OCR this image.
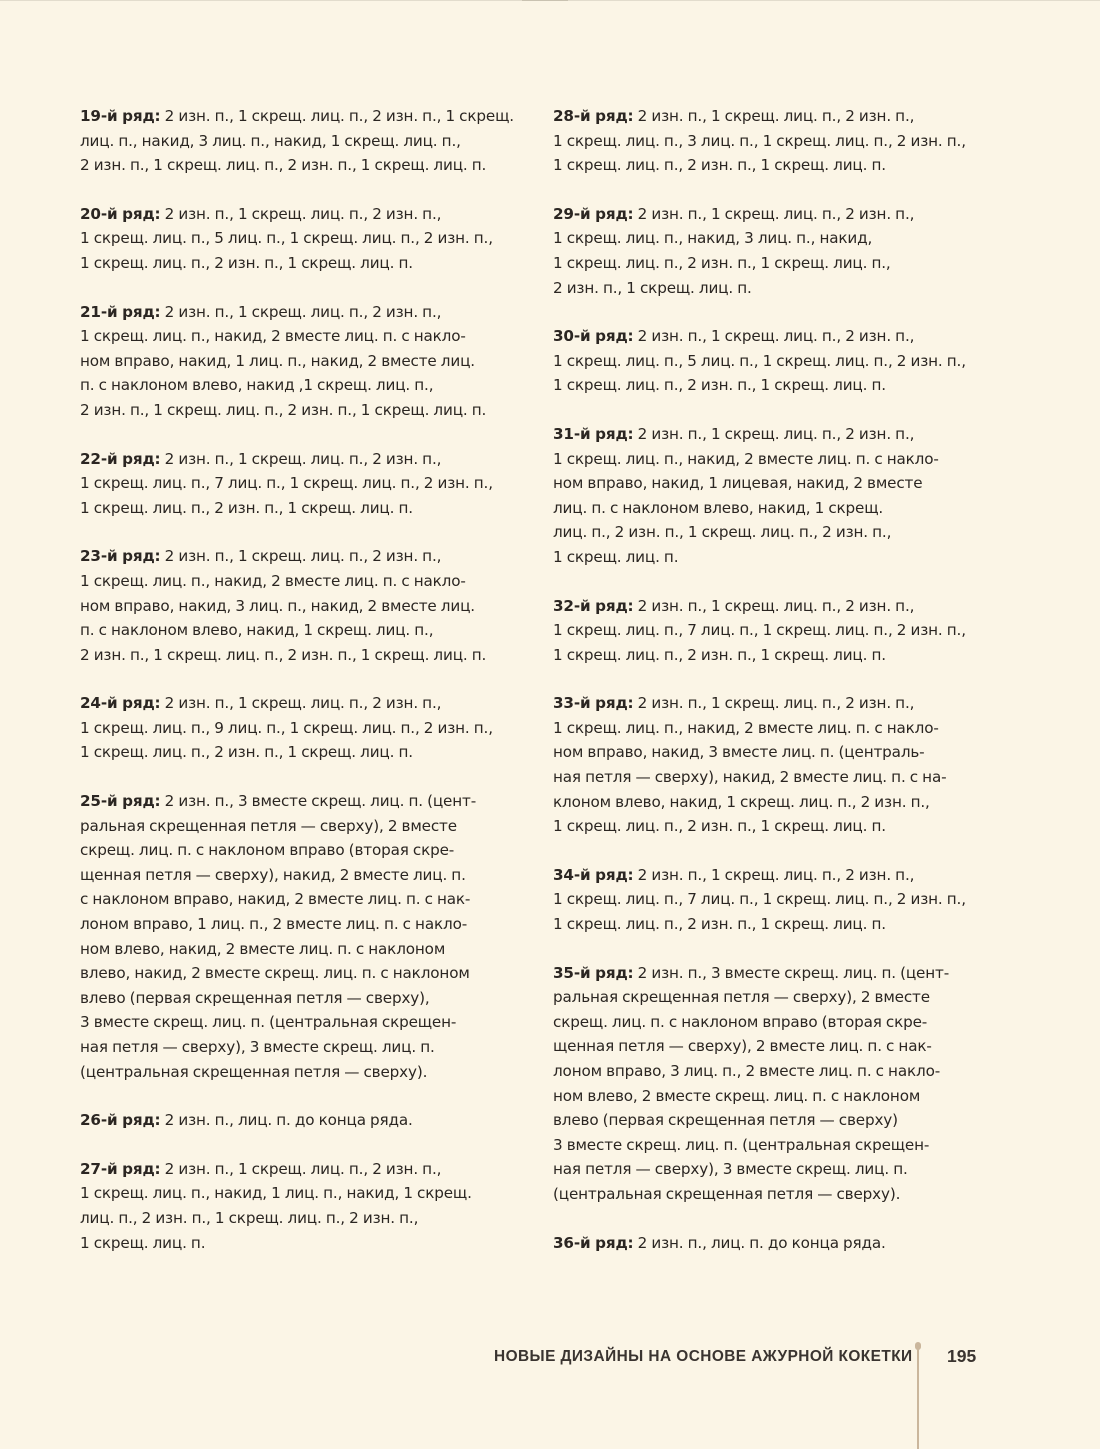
19-й ряд: 2 изн. п., 1 скрещ. лиц. п., 2 изн. п., 1 скрещ.
лиц. п., накид, 3 лиц. п., накид, 1 скрещ. лиц. п.,
2 изн. п., 1 скрещ. лиц. п., 2 изн. п., 1 скрещ. лиц. п.

20-й ряд: 2 изн. п., 1 скрещ. лиц. п., 2 изн. п.,
1 скрещ. лиц. п., 5 лиц. п., 1 скрещ. лиц. п., 2 изн. п.,
1 скрещ. лиц. п., 2 изн. п., 1 скрещ. лиц. п.

21-й ряд: 2 изн. п., 1 скрещ. лиц. п., 2 изн. п.,
1 скрещ. лиц. п., накид, 2 вместе лиц. п. с накло-
ном вправо, накид, 1 лиц. п., накид, 2 вместе лиц.
п. с наклоном влево, накид ,1 скрещ. лиц. п.,
2 изн. п., 1 скрещ. лиц. п., 2 изн. п., 1 скрещ. лиц. п.

22-й ряд: 2 изн. п., 1 скрещ. лиц. п., 2 изн. п.,
1 скрещ. лиц. п., 7 лиц. п., 1 скрещ. лиц. п., 2 изн. п.,
1 скрещ. лиц. п., 2 изн. п., 1 скрещ. лиц. п.

23-й ряд: 2 изн. п., 1 скрещ. лиц. п., 2 изн. п.,
1 скрещ. лиц. п., накид, 2 вместе лиц. п. с накло-
ном вправо, накид, 3 лиц. п., накид, 2 вместе лиц.
п. с наклоном влево, накид, 1 скрещ. лиц. п.,
2 изн. п., 1 скрещ. лиц. п., 2 изн. п., 1 скрещ. лиц. п.

24-й ряд: 2 изн. п., 1 скрещ. лиц. п., 2 изн. п.,
1 скрещ. лиц. п., 9 лиц. п., 1 скрещ. лиц. п., 2 изн. п.,
1 скрещ. лиц. п., 2 изн. п., 1 скрещ. лиц. п.

25-й ряд: 2 изн. п., 3 вместе скрещ. лиц. п. (цент-
ральная скрещенная петля — сверху), 2 вместе
скрещ. лиц. п. с наклоном вправо (вторая скре-
щенная петля — сверху), накид, 2 вместе лиц. п.
с наклоном вправо, накид, 2 вместе лиц. п. с нак-
лоном вправо, 1 лиц. п., 2 вместе лиц. п. с накло-
ном влево, накид, 2 вместе лиц. п. с наклоном
влево, накид, 2 вместе скрещ. лиц. п. с наклоном
влево (первая скрещенная петля — сверху),
3 вместе скрещ. лиц. п. (центральная скрещен-
ная петля — сверху), 3 вместе скрещ. лиц. п.
(центральная скрещенная петля — сверху).

26-й ряд: 2 изн. п., лиц. п. до конца ряда.

27-й ряд: 2 изн. п., 1 скрещ. лиц. п., 2 изн. п.,
1 скрещ. лиц. п., накид, 1 лиц. п., накид, 1 скрещ.
лиц. п., 2 изн. п., 1 скрещ. лиц. п., 2 изн. п.,
1 скрещ. лиц. п.

28-й ряд: 2 изн. п., 1 скрещ. лиц. п., 2 изн. п.,
1 скрещ. лиц. п., 3 лиц. п., 1 скрещ. лиц. п., 2 изн. п.,
1 скрещ. лиц. п., 2 изн. п., 1 скрещ. лиц. п.

29-й ряд: 2 изн. п., 1 скрещ. лиц. п., 2 изн. п.,
1 скрещ. лиц. п., накид, 3 лиц. п., накид,
1 скрещ. лиц. п., 2 изн. п., 1 скрещ. лиц. п.,
2 изн. п., 1 скрещ. лиц. п.

30-й ряд: 2 изн. п., 1 скрещ. лиц. п., 2 изн. п.,
1 скрещ. лиц. п., 5 лиц. п., 1 скрещ. лиц. п., 2 изн. п.,
1 скрещ. лиц. п., 2 изн. п., 1 скрещ. лиц. п.

31-й ряд: 2 изн. п., 1 скрещ. лиц. п., 2 изн. п.,
1 скрещ. лиц. п., накид, 2 вместе лиц. п. с накло-
ном вправо, накид, 1 лицевая, накид, 2 вместе
лиц. п. с наклоном влево, накид, 1 скрещ.
лиц. п., 2 изн. п., 1 скрещ. лиц. п., 2 изн. п.,
1 скрещ. лиц. п.

32-й ряд: 2 изн. п., 1 скрещ. лиц. п., 2 изн. п.,
1 скрещ. лиц. п., 7 лиц. п., 1 скрещ. лиц. п., 2 изн. п.,
1 скрещ. лиц. п., 2 изн. п., 1 скрещ. лиц. п.

33-й ряд: 2 изн. п., 1 скрещ. лиц. п., 2 изн. п.,
1 скрещ. лиц. п., накид, 2 вместе лиц. п. с накло-
ном вправо, накид, 3 вместе лиц. п. (централь-
ная петля — сверху), накид, 2 вместе лиц. п. с на-
клоном влево, накид, 1 скрещ. лиц. п., 2 изн. п.,
1 скрещ. лиц. п., 2 изн. п., 1 скрещ. лиц. п.

34-й ряд: 2 изн. п., 1 скрещ. лиц. п., 2 изн. п.,
1 скрещ. лиц. п., 7 лиц. п., 1 скрещ. лиц. п., 2 изн. п.,
1 скрещ. лиц. п., 2 изн. п., 1 скрещ. лиц. п.

35-й ряд: 2 изн. п., 3 вместе скрещ. лиц. п. (цент-
ральная скрещенная петля — сверху), 2 вместе
скрещ. лиц. п. с наклоном вправо (вторая скре-
щенная петля — сверху), 2 вместе лиц. п. с нак-
лоном вправо, 3 лиц. п., 2 вместе лиц. п. с накло-
ном влево, 2 вместе скрещ. лиц. п. с наклоном
влево (первая скрещенная петля — сверху)
3 вместе скрещ. лиц. п. (центральная скрещен-
ная петля — сверху), 3 вместе скрещ. лиц. п.
(центральная скрещенная петля — сверху).

36-й ряд: 2 изн. п., лиц. п. до конца ряда.

НОВЫЕ ДИЗАЙНЫ НА ОСНОВЕ АЖУРНОЙ КОКЕТКИ 195
